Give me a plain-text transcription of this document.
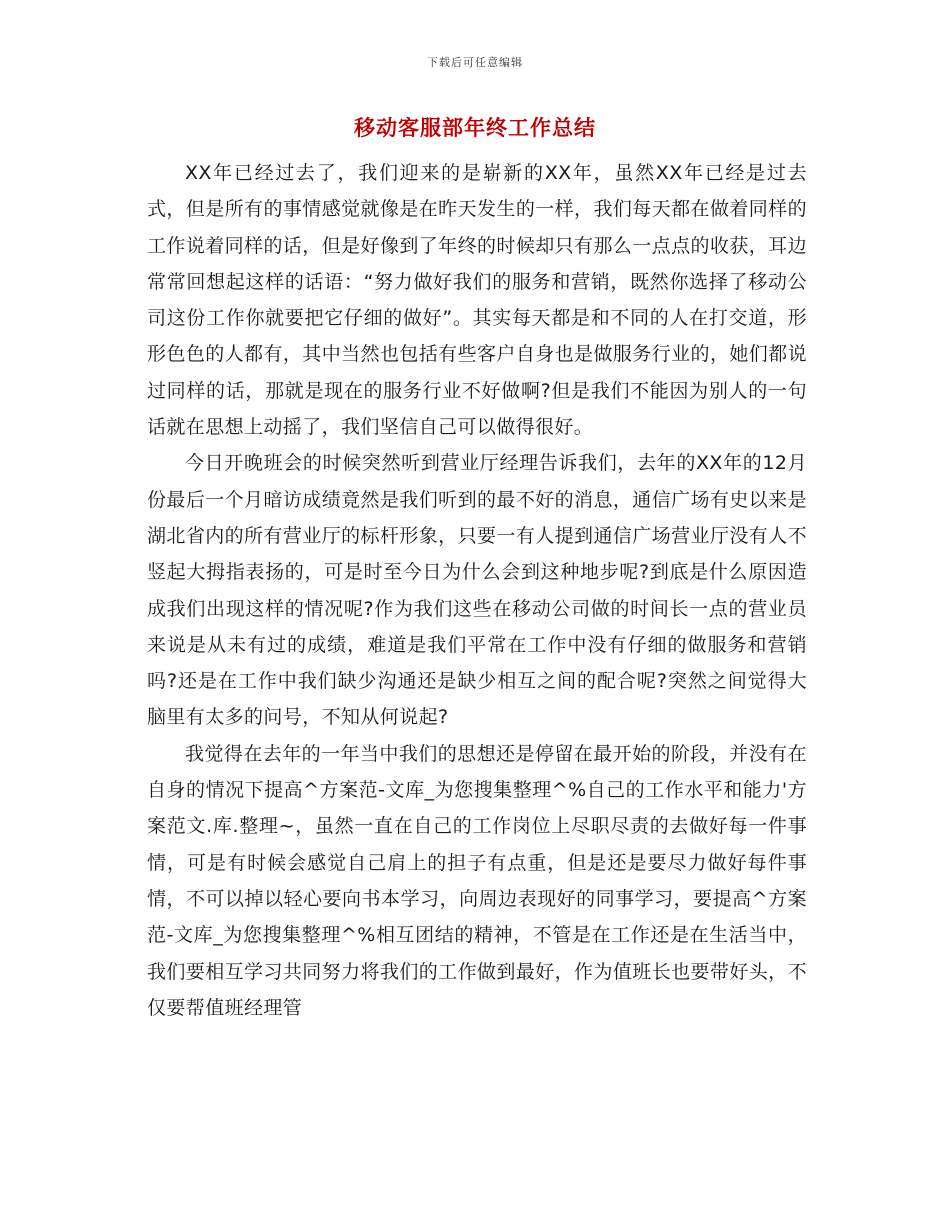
下载后可任意编辑
移动客服部年终工作总结

XX年已经过去了，我们迎来的是崭新的XX年，虽然XX年已经是过去式，但是所有的事情感觉就像是在昨天发生的一样，我们每天都在做着同样的工作说着同样的话，但是好像到了年终的时候却只有那么一点点的收获，耳边常常回想起这样的话语：“努力做好我们的服务和营销，既然你选择了移动公司这份工作你就要把它仔细的做好”。其实每天都是和不同的人在打交道，形形色色的人都有，其中当然也包括有些客户自身也是做服务行业的，她们都说过同样的话，那就是现在的服务行业不好做啊?但是我们不能因为别人的一句话就在思想上动摇了，我们坚信自己可以做得很好。

今日开晚班会的时候突然听到营业厅经理告诉我们，去年的XX年的12月份最后一个月暗访成绩竟然是我们听到的最不好的消息，通信广场有史以来是湖北省内的所有营业厅的标杆形象，只要一有人提到通信广场营业厅没有人不竖起大拇指表扬的，可是时至今日为什么会到这种地步呢?到底是什么原因造成我们出现这样的情况呢?作为我们这些在移动公司做的时间长一点的营业员来说是从未有过的成绩，难道是我们平常在工作中没有仔细的做服务和营销吗?还是在工作中我们缺少沟通还是缺少相互之间的配合呢?突然之间觉得大脑里有太多的问号，不知从何说起?

我觉得在去年的一年当中我们的思想还是停留在最开始的阶段，并没有在自身的情况下提高^方案范-文库_为您搜集整理^%自己的工作水平和能力'方案范文.库.整理~，虽然一直在自己的工作岗位上尽职尽责的去做好每一件事情，可是有时候会感觉自己肩上的担子有点重，但是还是要尽力做好每件事情，不可以掉以轻心要向书本学习，向周边表现好的同事学习，要提高^方案范-文库_为您搜集整理^%相互团结的精神，不管是在工作还是在生活当中，我们要相互学习共同努力将我们的工作做到最好，作为值班长也要带好头，不仅要帮值班经理管
